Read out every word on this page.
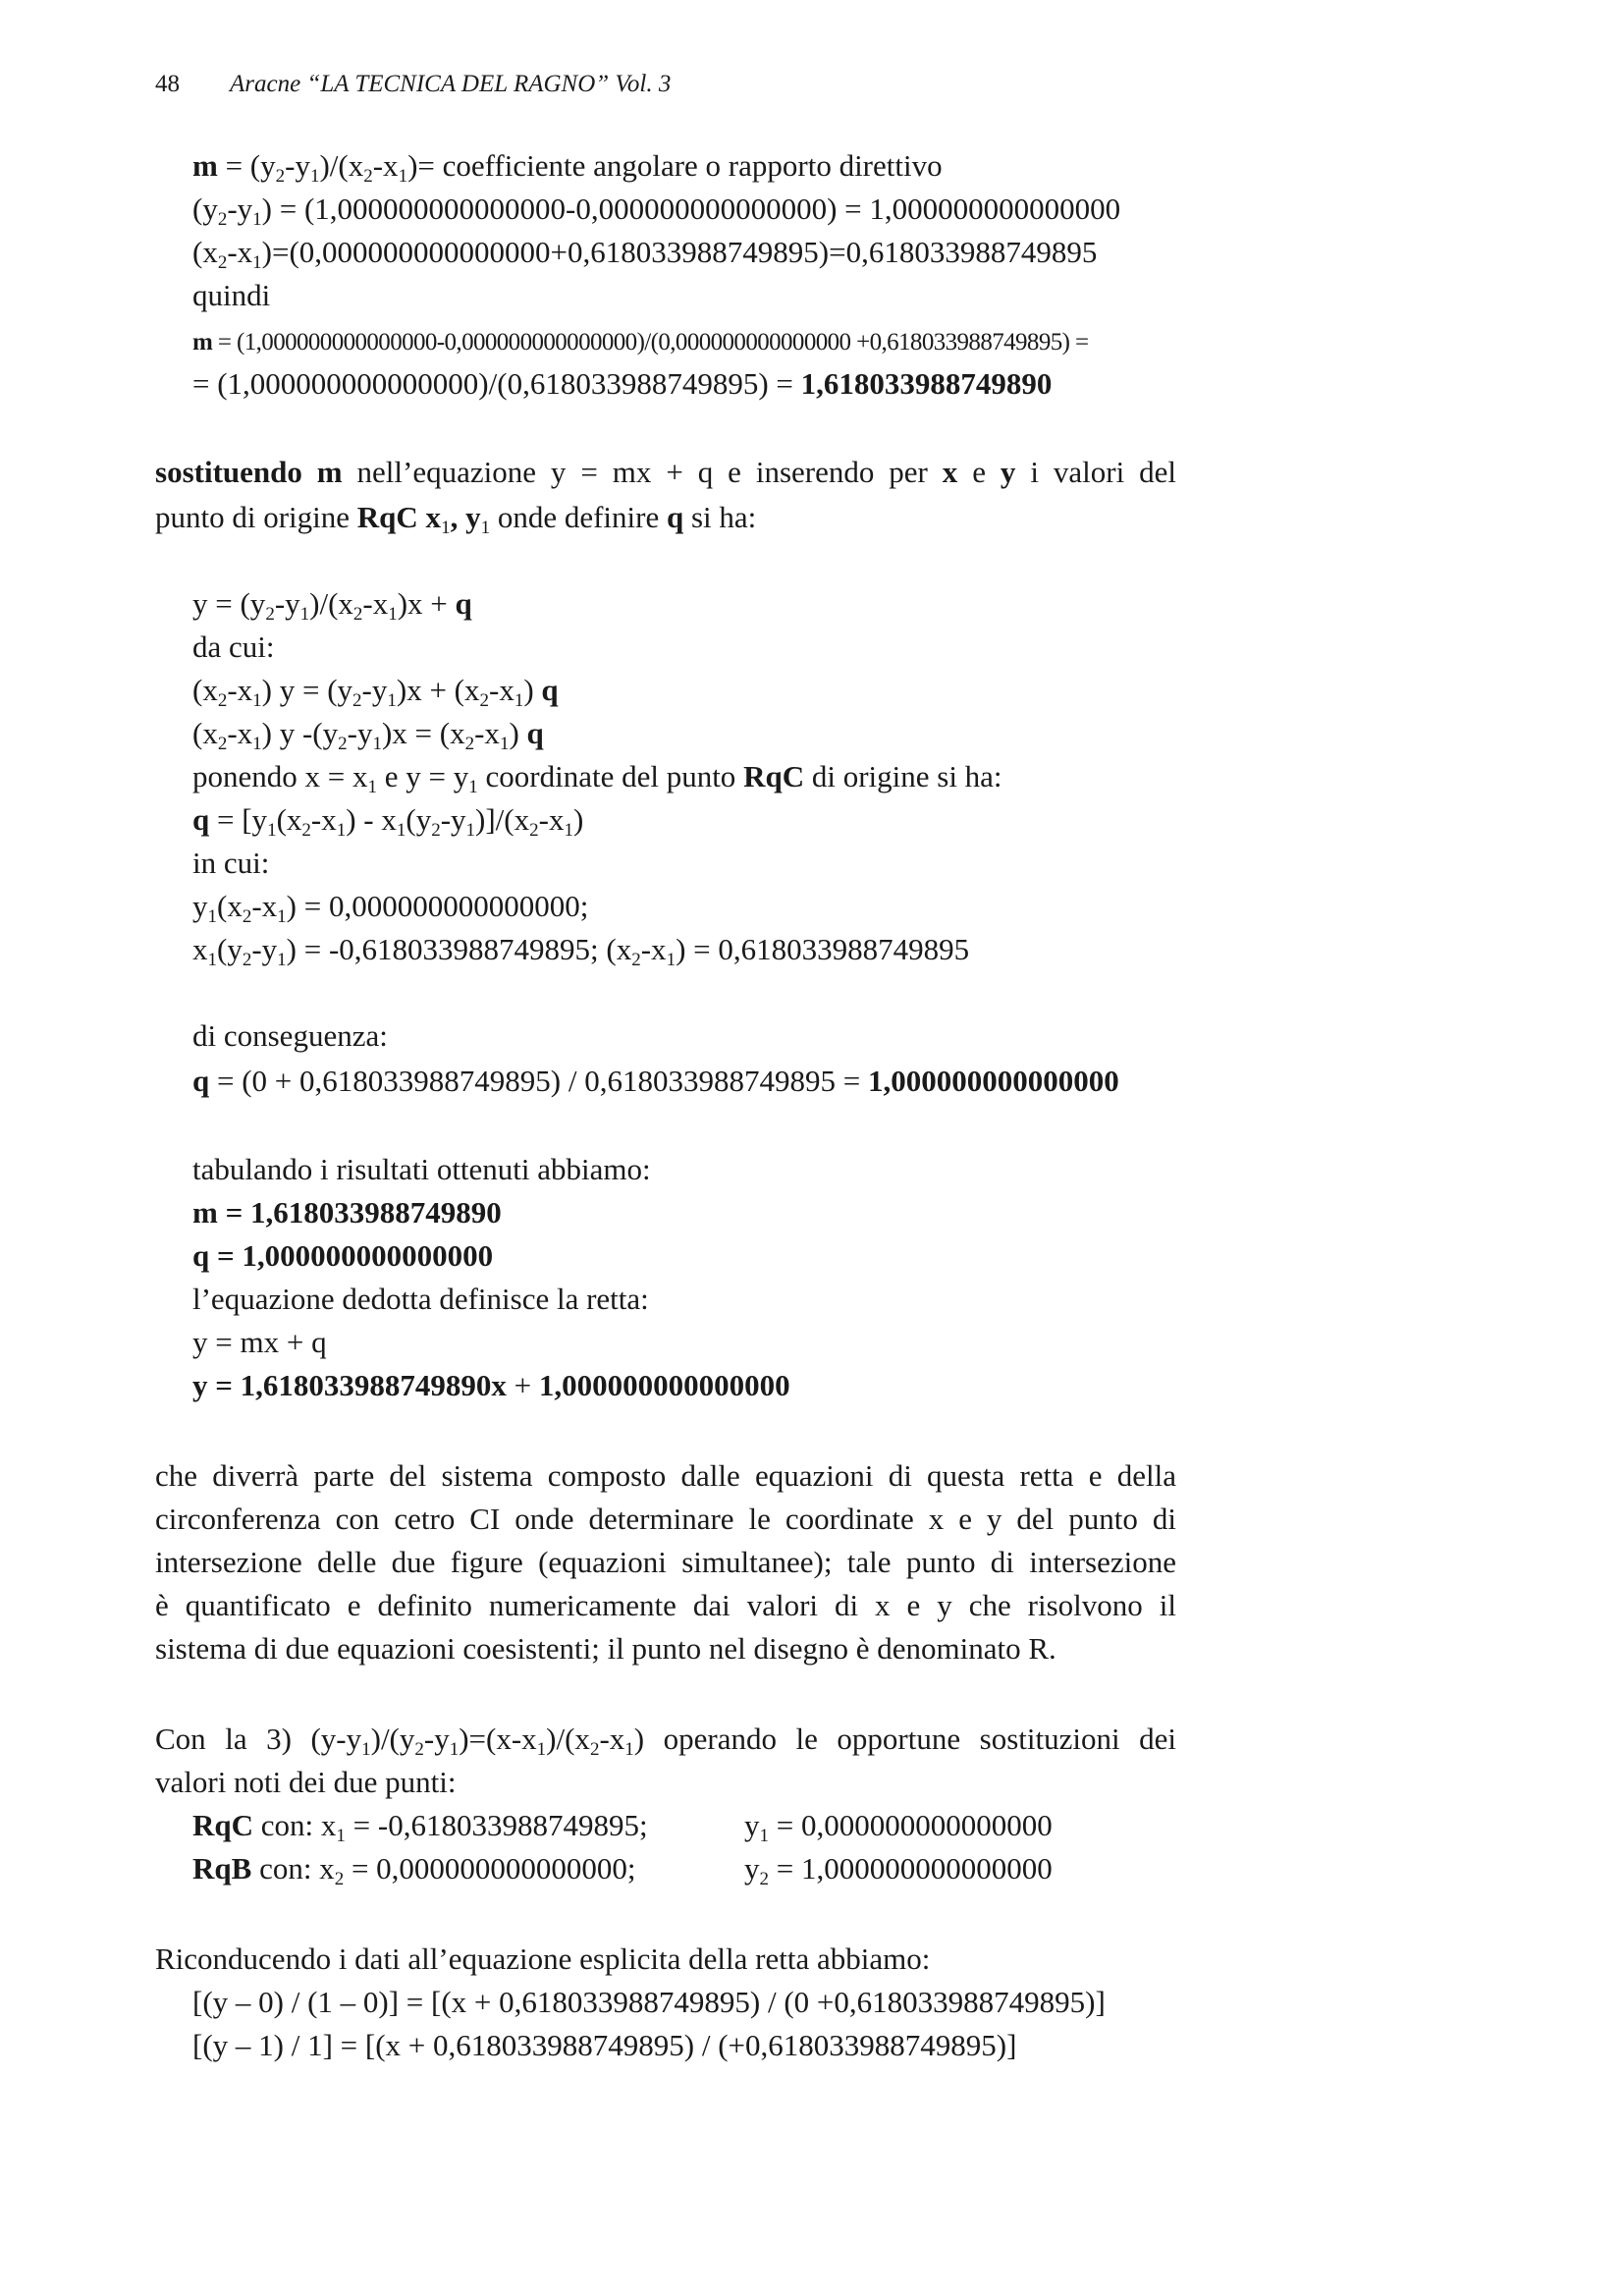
48 Aracne “LA TECNICA DEL RAGNO” Vol. 3
$m = (y_2-y_1)/(x_2-x_1)=$ coefficiente angolare o rapporto direttivo
$(y_2-y_1) = (1,000000000000000-0,000000000000000) = 1,000000000000000$
$(x_2-x_1)=(0,000000000000000+0,618033988749895)=0,618033988749895$
quindi
m = (1,000000000000000-0,000000000000000)/(0,000000000000000 +0,618033988749895) =
= (1,000000000000000)/(0,618033988749895) = 1,618033988749890
sostituendo m nell’equazione y = mx + q e inserendo per x e y i valori del
punto di origine RqC $x_1$, $y_1$ onde definire q si ha:
$y = (y_2-y_1)/(x_2-x_1)x + q$
da cui:
$(x_2-x_1) y = (y_2-y_1)x + (x_2-x_1)$ q
$(x_2-x_1)$ y $-(y_2-y_1)x = (x_2-x_1)$ q
ponendo $x = x_1$ e $y = y_1$ coordinate del punto RqC di origine si ha:
$q = [y_1(x_2-x_1) - x_1(y_2-y_1)]/(x_2-x_1)$
in cui:
$y_1(x_2-x_1) = 0,000000000000000$;
$x_1(y_2-y_1) = -0,618033988749895$; $(x_2-x_1) = 0,618033988749895$
di conseguenza:
q = (0 + 0,618033988749895) / 0,618033988749895 = 1,000000000000000
tabulando i risultati ottenuti abbiamo:
m = 1,618033988749890
q = 1,000000000000000
l’equazione dedotta definisce la retta:
y = mx + q
y = 1,618033988749890x + 1,000000000000000
che diverrà parte del sistema composto dalle equazioni di questa retta e della
circonferenza con cetro CI onde determinare le coordinate x e y del punto di
intersezione delle due figure (equazioni simultanee); tale punto di intersezione
è quantificato e definito numericamente dai valori di x e y che risolvono il
sistema di due equazioni coesistenti; il punto nel disegno è denominato R.
Con la 3) $(y-y_1)/(y_2-y_1)=(x-x_1)/(x_2-x_1)$ operando le opportune sostituzioni dei
valori noti dei due punti:
RqC con: $x_1 = -0,618033988749895$;	$y_1 = 0,000000000000000$
RqB con: $x_2 = 0,000000000000000$;	$y_2 = 1,000000000000000$
Riconducendo i dati all’equazione esplicita della retta abbiamo:
[(y – 0) / (1 – 0)] = [(x + 0,618033988749895) / (0 +0,618033988749895)]
[(y – 1) / 1] = [(x + 0,618033988749895) / (+0,618033988749895)]
